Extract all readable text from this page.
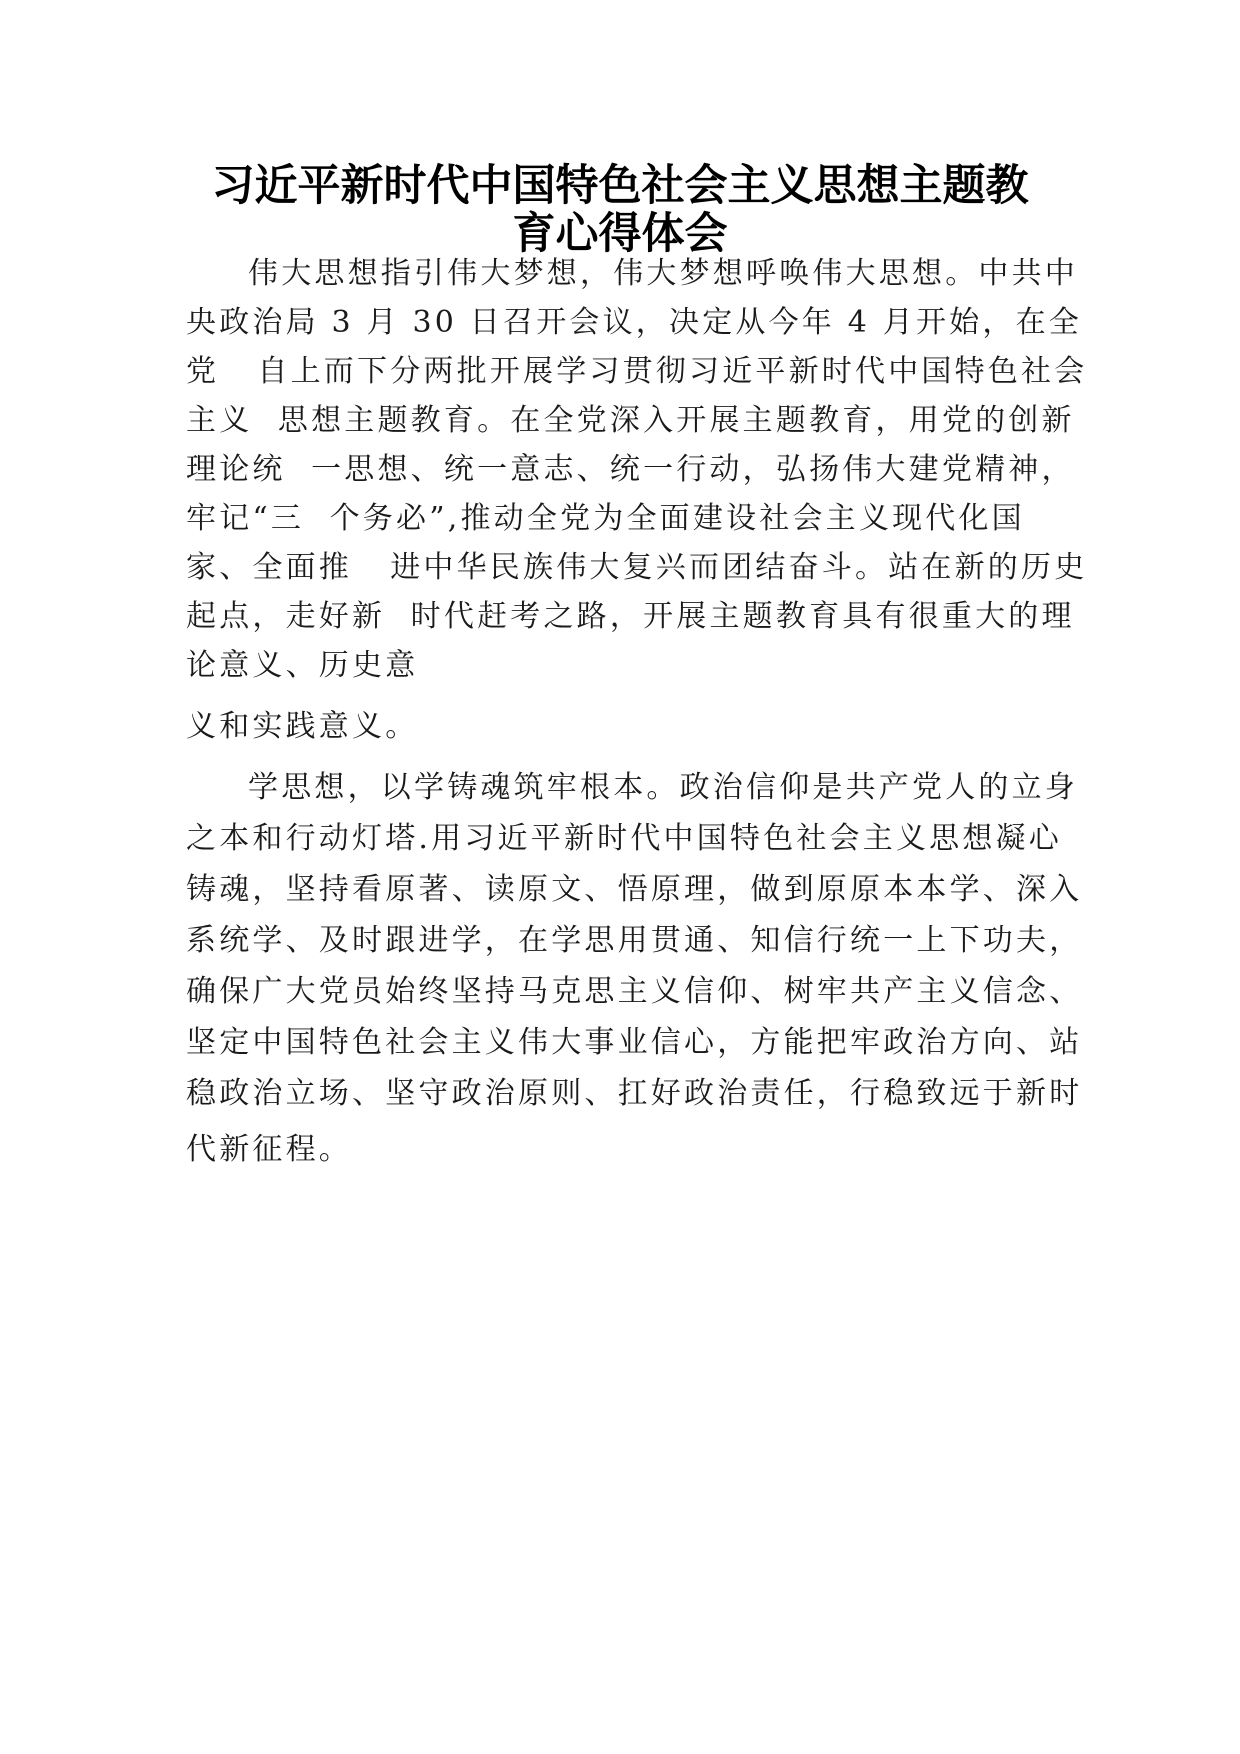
习近平新时代中国特色社会主义思想主题教
育心得体会

伟大思想指引伟大梦想，伟大梦想呼唤伟大思想。中共中

央政治局 3 月 30 日召开会议，决定从今年 4 月开始，在全

党   自上而下分两批开展学习贯彻习近平新时代中国特色社会

主义  思想主题教育。在全党深入开展主题教育，用党的创新

理论统  一思想、统一意志、统一行动，弘扬伟大建党精神，

牢记“三  个务必”,推动全党为全面建设社会主义现代化国

家、全面推   进中华民族伟大复兴而团结奋斗。站在新的历史

起点，走好新  时代赶考之路，开展主题教育具有很重大的理

论意义、历史意

义和实践意义。

学思想，以学铸魂筑牢根本。政治信仰是共产党人的立身

之本和行动灯塔.用习近平新时代中国特色社会主义思想凝心

铸魂，坚持看原著、读原文、悟原理，做到原原本本学、深入

系统学、及时跟进学，在学思用贯通、知信行统一上下功夫，

确保广大党员始终坚持马克思主义信仰、树牢共产主义信念、

坚定中国特色社会主义伟大事业信心，方能把牢政治方向、站

稳政治立场、坚守政治原则、扛好政治责任，行稳致远于新时

代新征程。
